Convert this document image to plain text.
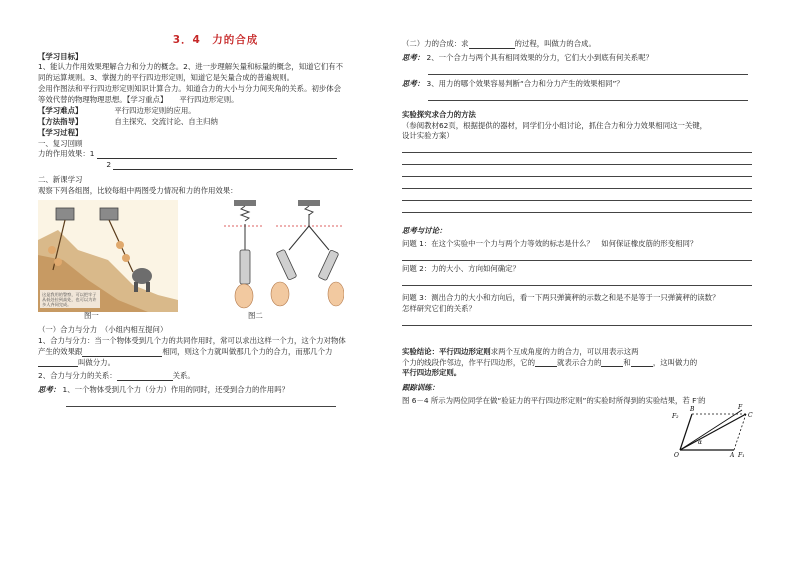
3．4　力的合成
【学习目标】

1、能认力作用效果理解合力和分力的概念。2、进一步理解矢量和标量的概念，知道它们有不

同的运算规则。3、掌握力的平行四边形定则，知道它是矢量合成的普遍规则。

会用作图法和平行四边形定则知识计算合力。知道合力的大小与分力间夹角的关系。初步体会

等效代替的物理物理思想。【学习重点】 平行四边形定则。

【学习难点】	平行四边形定则的应用。

【方法指导】	自主探究、交流讨论、自主归纳

【学习过程】

一、复习回顾

力的作用效果：1

2

二、新课学习

观察下列各组图，比较每组中两图受力情况和力的作用效果：

这是我用的警察，可以把牢子从低处拉到高处，也可以为许多人齐同完成。
图一	图二

（一）合力与分力　（小组内相互提问）

1、合力与分力：当一个物体受到几个力的共同作用时，常可以求出这样一个力，这个力对物体

产生的效果跟	相同，则这个力就叫做那几个力的合力，而那几个力

叫做分力。

2、合力与分力的关系：	关系。

思考： 1、一个物体受到几个力（分力）作用的同时，还受到合力的作用吗？

（二）力的合成：求	的过程，叫做力的合成。

思考： 2、一个合力与两个具有相同效果的分力，它们大小到底有何关系呢？

思考： 3、用力的哪个效果容易判断“合力和分力产生的效果相同”？

实验探究求合力的方法

（参阅教材62页，根据提供的器材，同学们分小组讨论，抓住合力和分力效果相同这一关键，

设计实验方案）

思考与讨论：

问题 1：在这个实验中一个力与两个力等效的标志是什么？　如何保证橡皮筋的形变相同？

问题 2：力的大小、方向如何确定？

问题 3：测出合力的大小和方向后，看一下两只弹簧秤的示数之和是不是等于一只弹簧秤的读数？

怎样研究它们的关系？

F₂
B	F
C
α
O	A F₁

实验结论：平行四边形定则求两个互成角度的力的合力，可以用表示这两

个力的线段作邻边，作平行四边形，它的	就表示合力的	和	，这叫做力的

平行四边形定则。

跟踪训练：

图 6－4 所示为两位同学在做“验证力的平行四边形定则”的实验时所得到的实验结果，若 F′的
